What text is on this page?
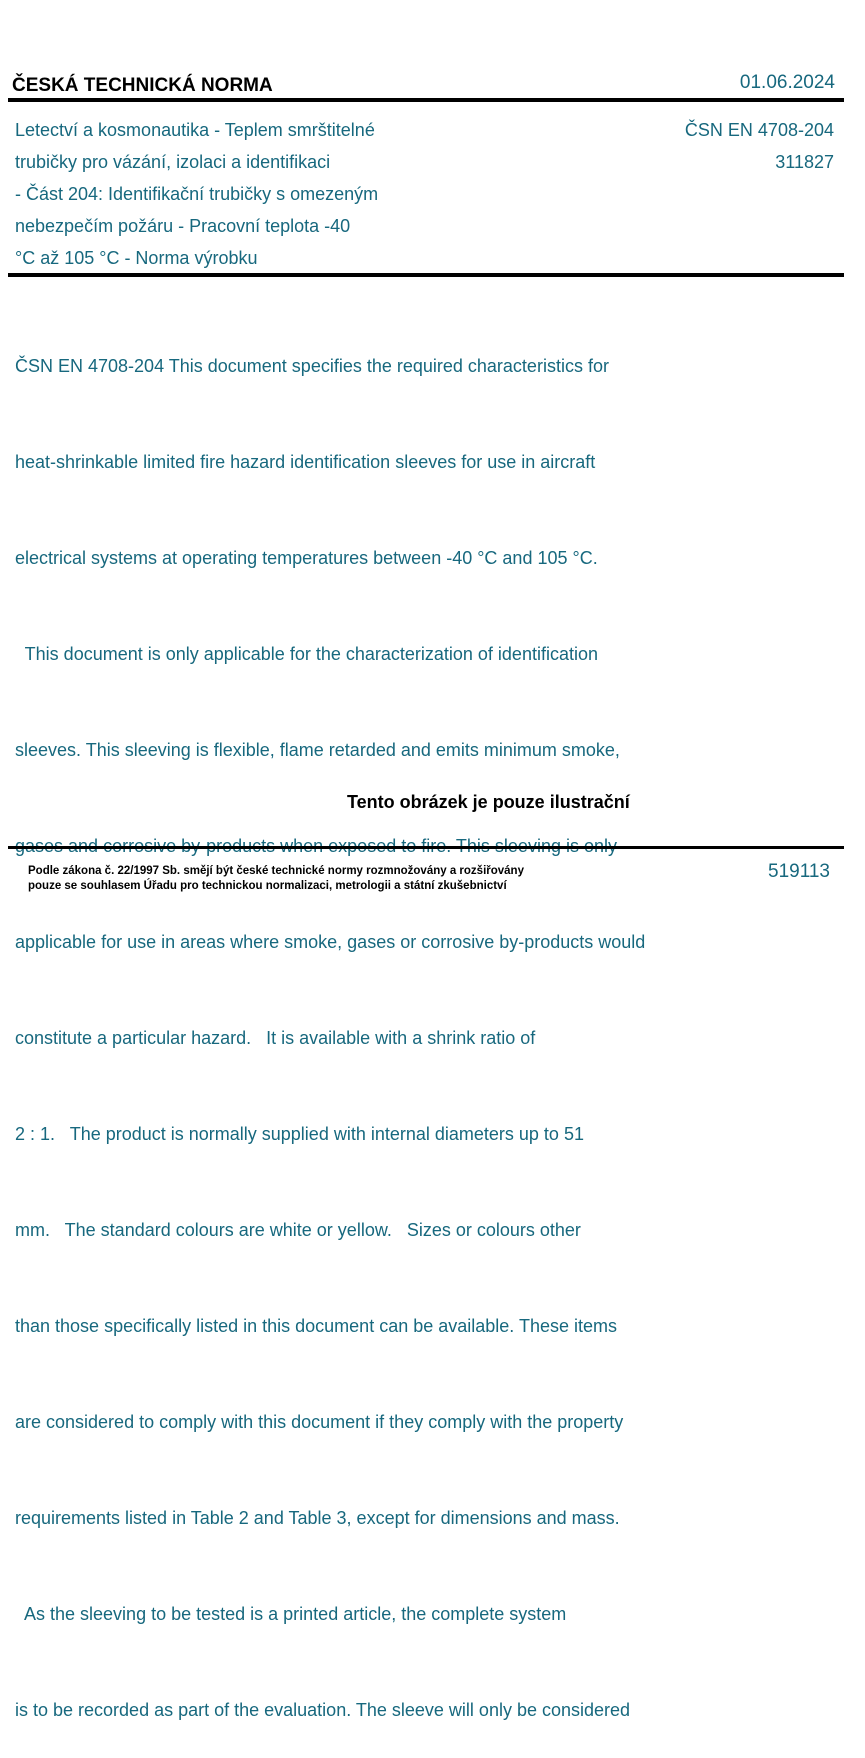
ČESKÁ TECHNICKÁ NORMA	01.06.2024
Letectví a kosmonautika - Teplem smrštitelné
trubičky pro vázání, izolaci a identifikaci
- Část 204: Identifikační trubičky s omezeným
nebezpečím požáru - Pracovní teplota -40
°C až 105 °C - Norma výrobku
ČSN EN 4708-204
311827

ČSN EN 4708-204 This document specifies the required characteristics for

heat-shrinkable limited fire hazard identification sleeves for use in aircraft

electrical systems at operating temperatures between -40 °C and 105 °C.

This document is only applicable for the characterization of identification

sleeves. This sleeving is flexible, flame retarded and emits minimum smoke,

applicable for use in areas where smoke, gases or corrosive by-products would

constitute a particular hazard.   It is available with a shrink ratio of

2 : 1.   The product is normally supplied with internal diameters up to 51

mm.   The standard colours are white or yellow.   Sizes or colours other

than those specifically listed in this document can be available. These items

are considered to comply with this document if they comply with the property

requirements listed in Table 2 and Table 3, except for dimensions and mass.

As the sleeving to be tested is a printed article, the complete system

is to be recorded as part of the evaluation. The sleeve will only be considered

Tento obrázek je pouze ilustrační
Podle zákona č. 22/1997 Sb. smějí být české technické normy rozmnožovány a rozšiřovány
pouze se souhlasem Úřadu pro technickou normalizaci, metrologii a státní zkušebnictví
519113
